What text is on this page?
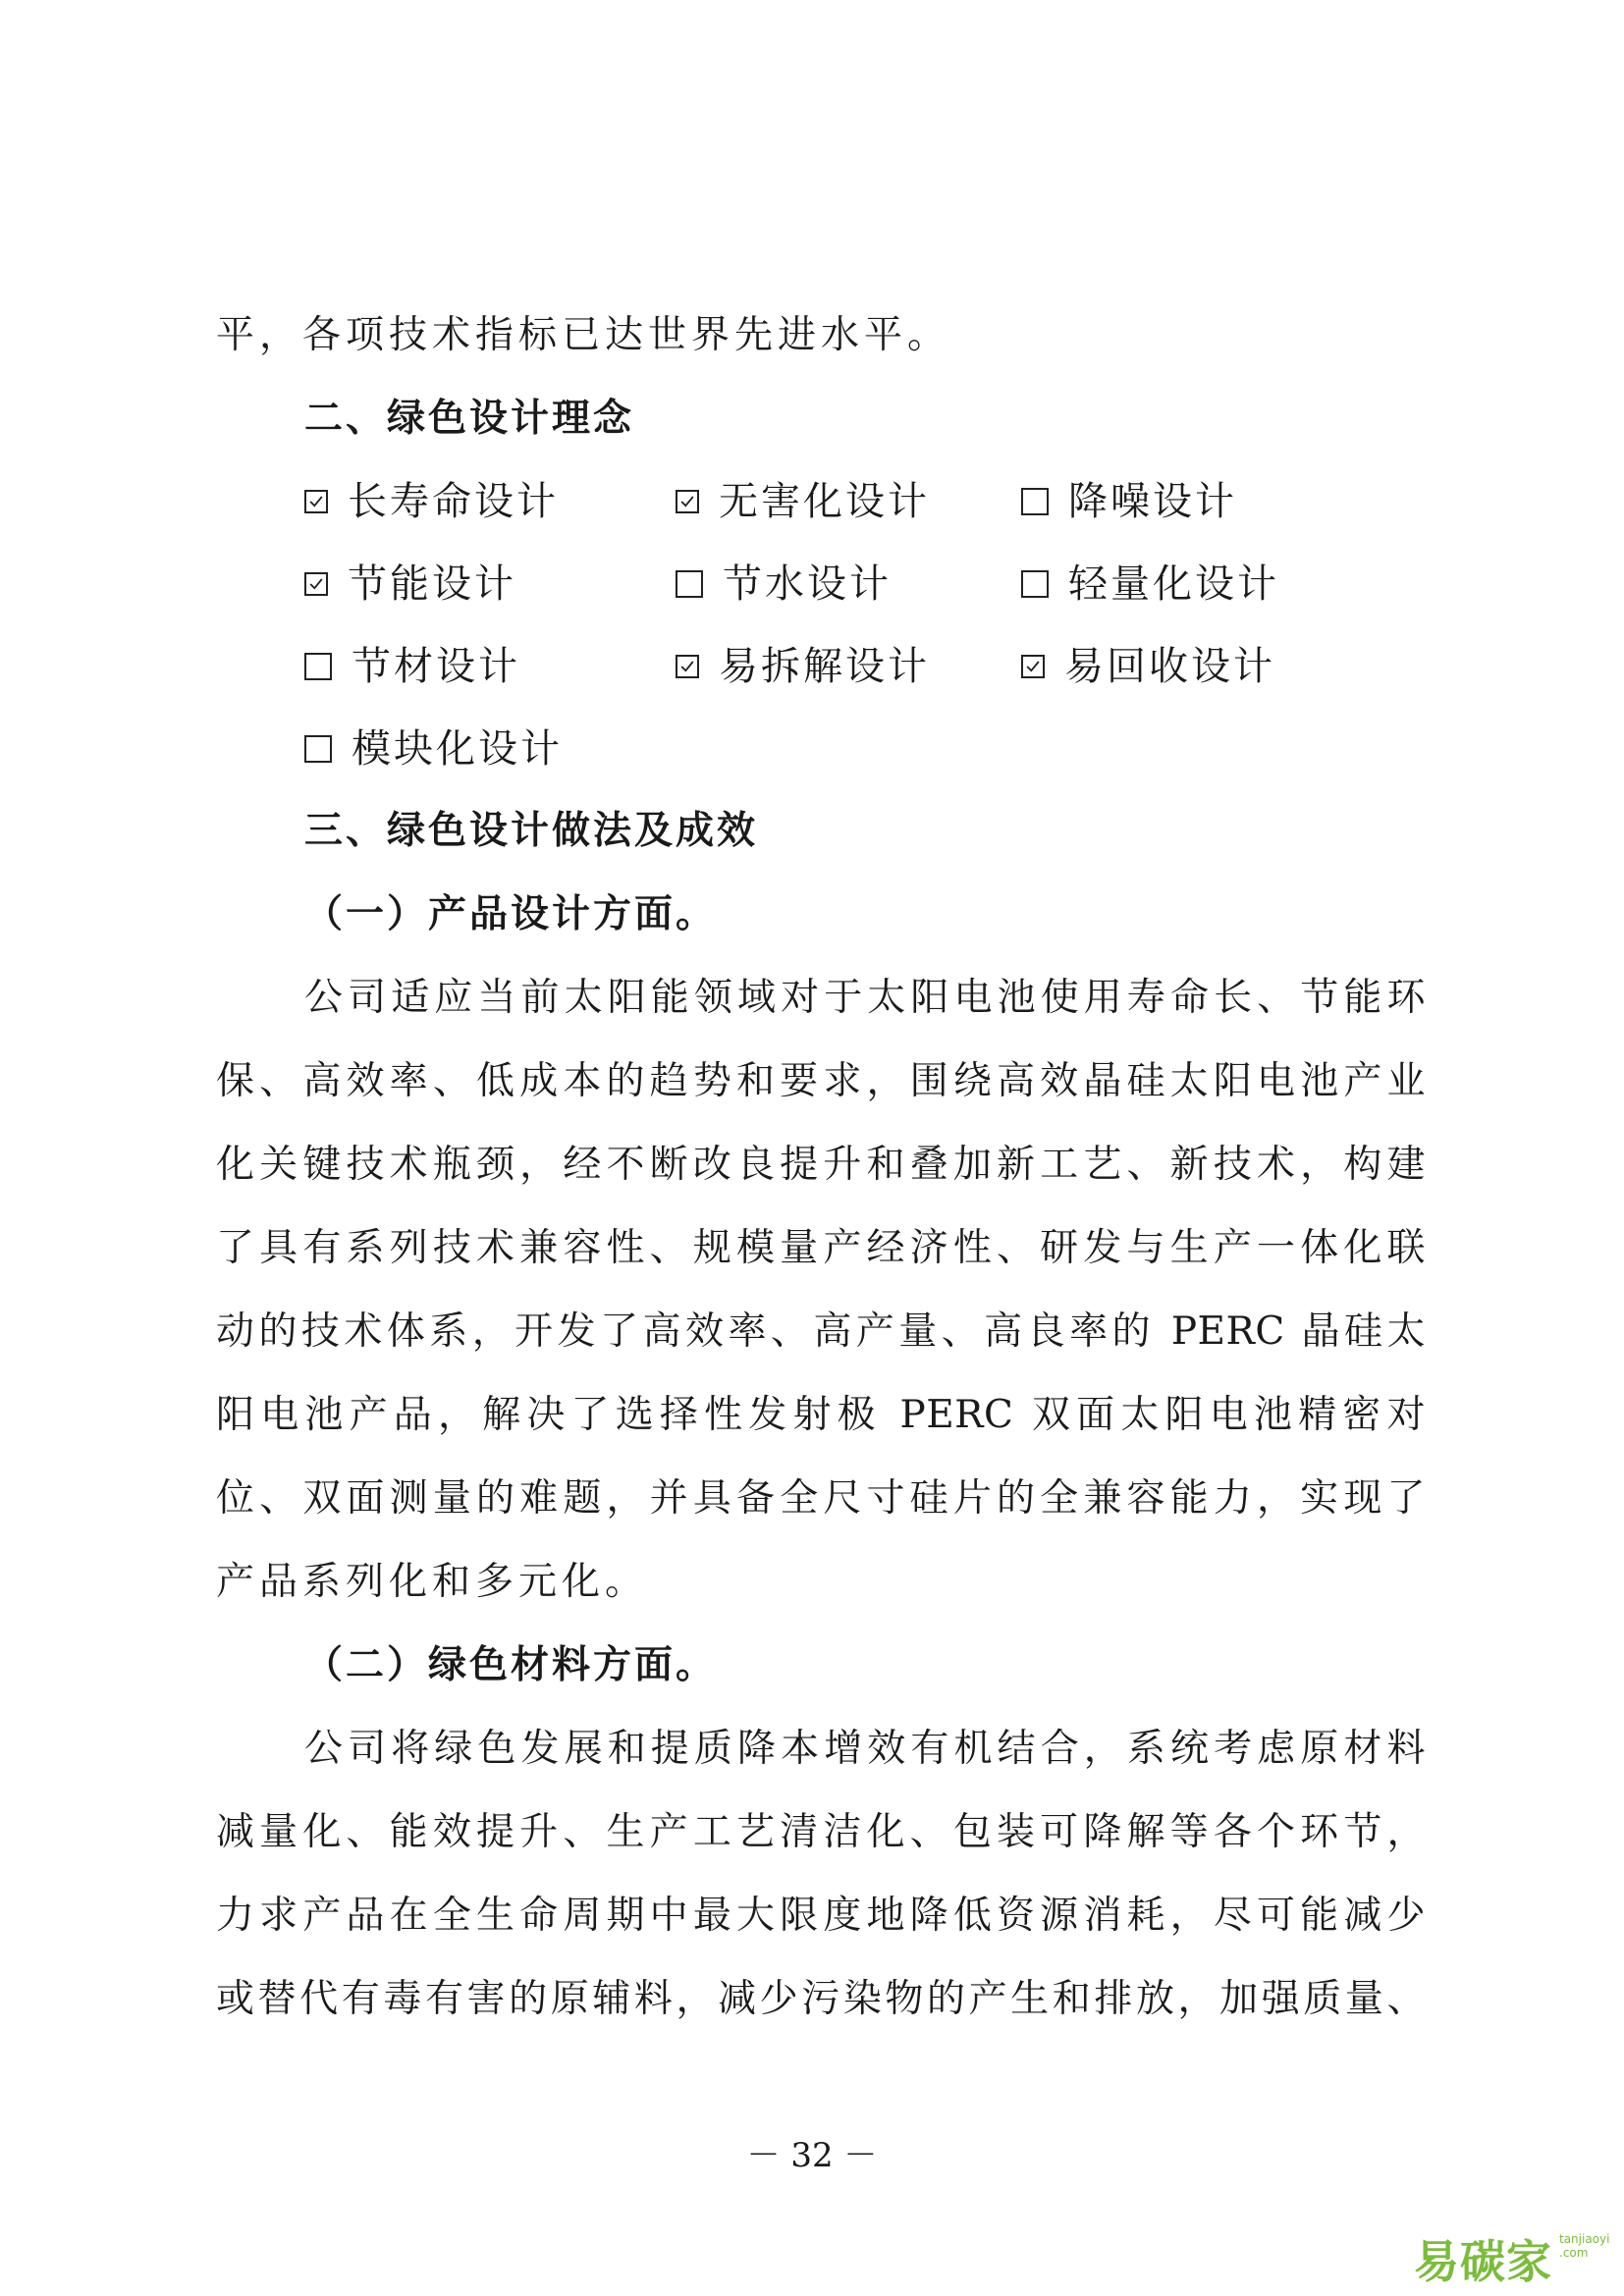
平，各项技术指标已达世界先进水平。
二、绿色设计理念
长寿命设计	无害化设计	降噪设计
节能设计	节水设计	轻量化设计
节材设计	易拆解设计	易回收设计
模块化设计
三、绿色设计做法及成效
（一）产品设计方面。
公司适应当前太阳能领域对于太阳电池使用寿命长、节能环
保、高效率、低成本的趋势和要求，围绕高效晶硅太阳电池产业
化关键技术瓶颈，经不断改良提升和叠加新工艺、新技术，构建
了具有系列技术兼容性、规模量产经济性、研发与生产一体化联
动的技术体系，开发了高效率、高产量、高良率的 PERC 晶硅太
阳电池产品，解决了选择性发射极 PERC 双面太阳电池精密对
位、双面测量的难题，并具备全尺寸硅片的全兼容能力，实现了
产品系列化和多元化。
（二）绿色材料方面。
公司将绿色发展和提质降本增效有机结合，系统考虑原材料
减量化、能效提升、生产工艺清洁化、包装可降解等各个环节，
力求产品在全生命周期中最大限度地降低资源消耗，尽可能减少
或替代有毒有害的原辅料，减少污染物的产生和排放，加强质量、
－ 32 －
易碳家 tanjiaoyi
.com
